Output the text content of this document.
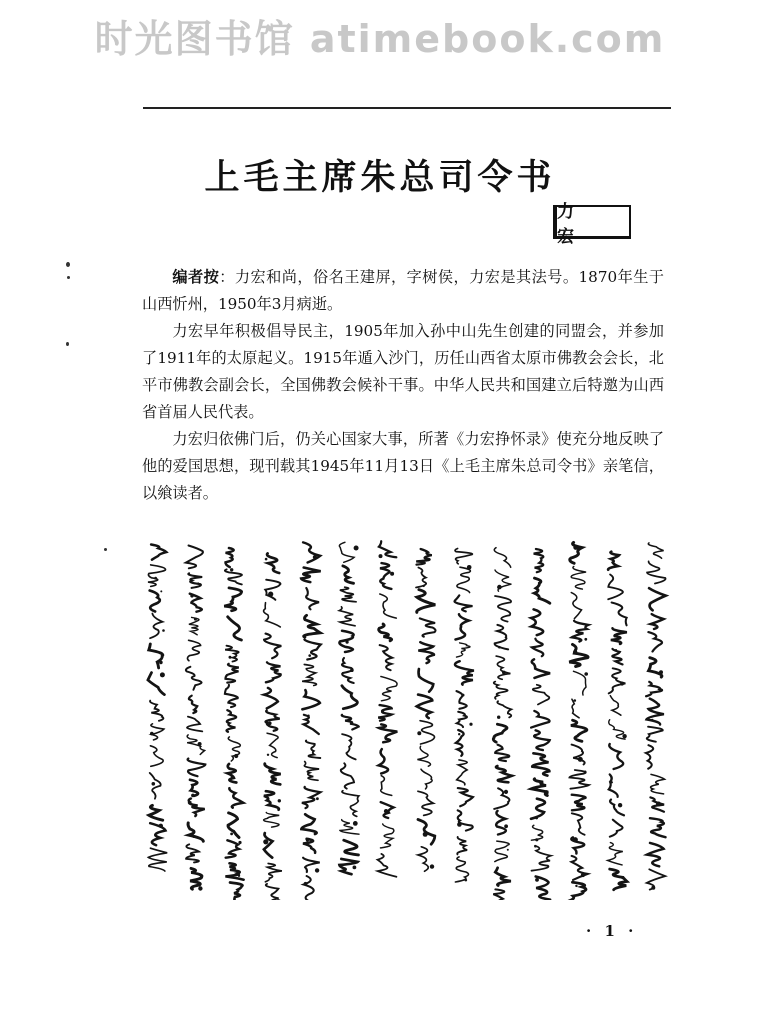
时光图书馆 atimebook.com
上毛主席朱总司令书
力 宏

编者按：力宏和尚，俗名王建屏，字树侯，力宏是其法号。1870年生于山西忻州，1950年3月病逝。

力宏早年积极倡导民主，1905年加入孙中山先生创建的同盟会，并参加了1911年的太原起义。1915年遁入沙门，历任山西省太原市佛教会会长，北平市佛教会副会长，全国佛教会候补干事。中华人民共和国建立后特邀为山西省首届人民代表。

力宏归依佛门后，仍关心国家大事，所著《力宏挣怀录》使充分地反映了他的爱国思想，现刊载其1945年11月13日《上毛主席朱总司令书》亲笔信，以飨读者。

· 1 ·
